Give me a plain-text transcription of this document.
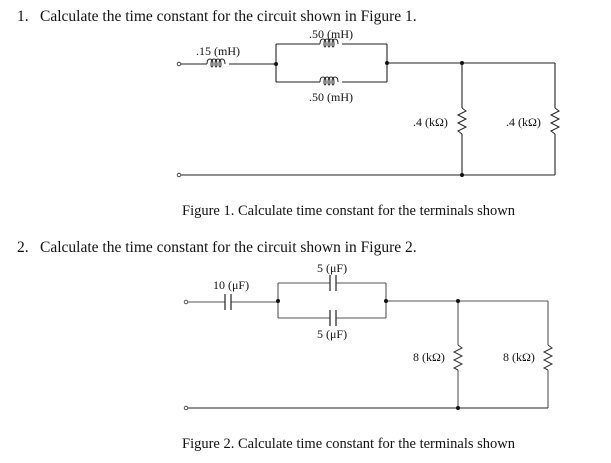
1. Calculate the time constant for the circuit shown in Figure 1.
.15 (mH)
.50 (mH)
.50 (mH)
.4 (kΩ)	.4 (kΩ)
Figure 1. Calculate time constant for the terminals shown
2. Calculate the time constant for the circuit shown in Figure 2.
10 (μF)
5 (μF)
5 (μF)
8 (kΩ)	8 (kΩ)
Figure 2. Calculate time constant for the terminals shown
